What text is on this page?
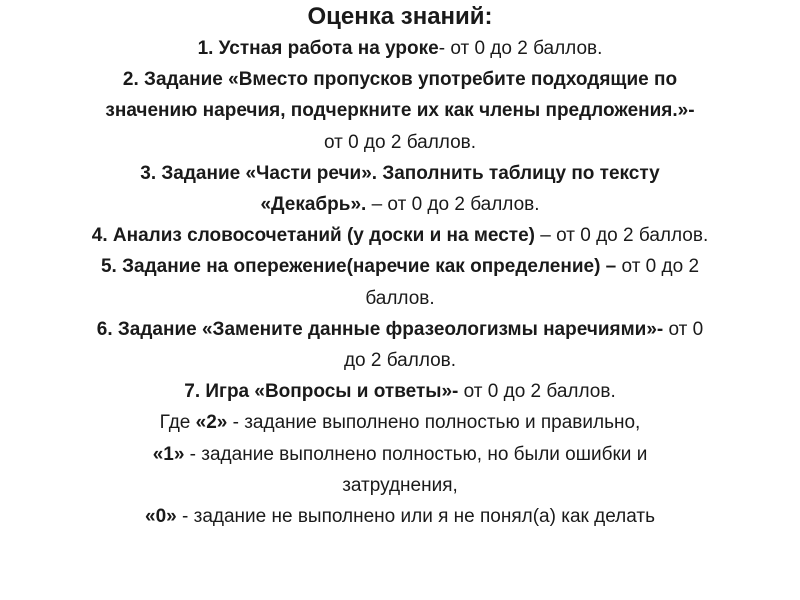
Оценка знаний:
1. Устная работа на уроке- от 0 до 2 баллов.
2. Задание «Вместо пропусков употребите подходящие по
значению наречия, подчеркните их как члены предложения.»-
от 0 до 2 баллов.
3. Задание «Части речи». Заполнить таблицу по тексту
«Декабрь». – от 0 до 2 баллов.
4. Анализ словосочетаний (у доски и на месте) – от 0 до 2 баллов.
5. Задание на опережение(наречие как определение) – от 0 до 2
баллов.
6. Задание «Замените данные фразеологизмы наречиями»- от 0
до 2 баллов.
7. Игра «Вопросы и ответы»- от 0 до 2 баллов.
Где «2» - задание выполнено полностью и правильно,
«1» - задание выполнено полностью, но были ошибки и
затруднения,
«0» - задание не выполнено или я не понял(а) как делать
